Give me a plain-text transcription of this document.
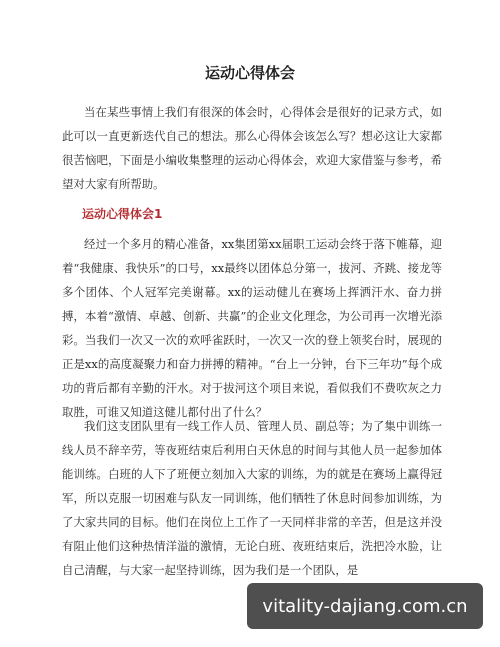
运动心得体会

当在某些事情上我们有很深的体会时，心得体会是很好的记录方式，如此可以一直更新迭代自己的想法。那么心得体会该怎么写？想必这让大家都很苦恼吧，下面是小编收集整理的运动心得体会，欢迎大家借鉴与参考，希望对大家有所帮助。

运动心得体会1

经过一个多月的精心准备，xx集团第xx届职工运动会终于落下帷幕，迎着“我健康、我快乐”的口号，xx最终以团体总分第一，拔河、齐跳、接龙等多个团体、个人冠军完美谢幕。xx的运动健儿在赛场上挥洒汗水、奋力拼搏，本着“激情、卓越、创新、共赢”的企业文化理念，为公司再一次增光添彩。当我们一次又一次的欢呼雀跃时，一次又一次的登上领奖台时，展现的正是xx的高度凝聚力和奋力拼搏的精神。“台上一分钟，台下三年功”每个成功的背后都有辛勤的汗水。对于拔河这个项目来说，看似我们不费吹灰之力取胜，可谁又知道这健儿都付出了什么？

我们这支团队里有一线工作人员、管理人员、副总等；为了集中训练一线人员不辞辛劳，等夜班结束后利用白天休息的时间与其他人员一起参加体能训练。白班的人下了班便立刻加入大家的训练，为的就是在赛场上赢得冠军，所以克服一切困难与队友一同训练，他们牺牲了休息时间参加训练，为了大家共同的目标。他们在岗位上工作了一天同样非常的辛苦，但是这并没有阻止他们这种热情洋溢的激情，无论白班、夜班结束后，洗把冷水脸，让自己清醒，与大家一起坚持训练，因为我们是一个团队，是

vitality-dajiang.com.cn
